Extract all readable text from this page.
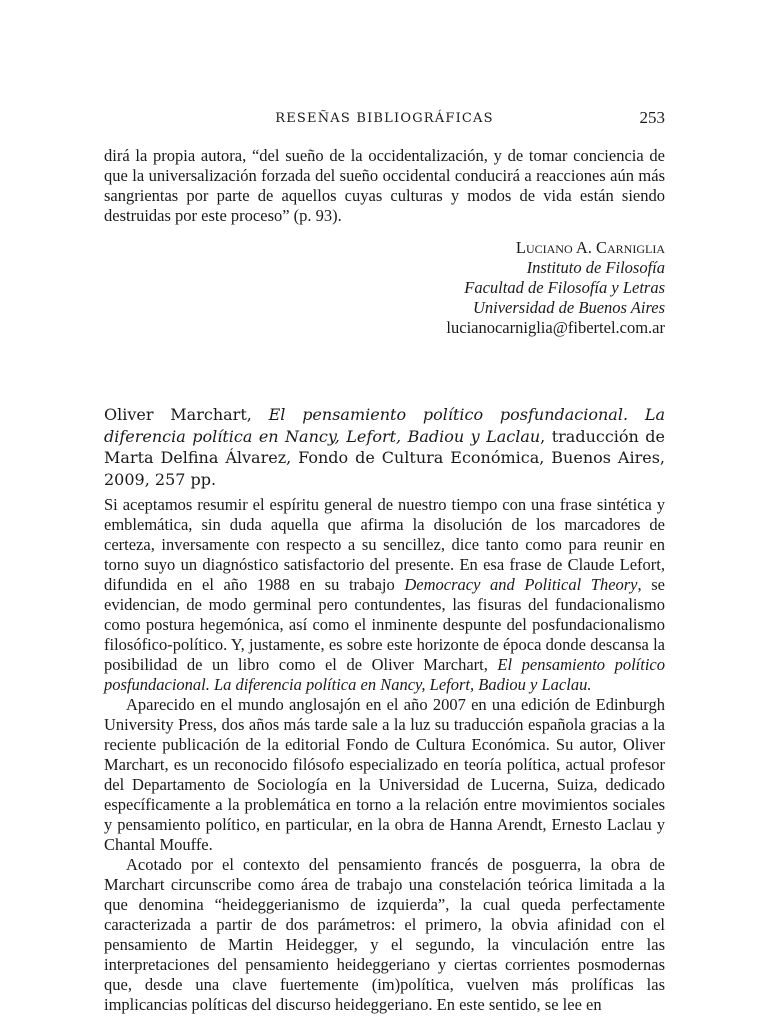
RESEÑAS BIBLIOGRÁFICAS	253

dirá la propia autora, “del sueño de la occidentalización, y de tomar conciencia de que la universalización forzada del sueño occidental conducirá a reacciones aún más sangrientas por parte de aquellos cuyas culturas y modos de vida están siendo destruidas por este proceso” (p. 93).

Luciano A. Carniglia
Instituto de Filosofía
Facultad de Filosofía y Letras
Universidad de Buenos Aires
lucianocarniglia@fibertel.com.ar
Oliver Marchart, El pensamiento político posfundacional. La diferencia política en Nancy, Lefort, Badiou y Laclau, traducción de Marta Delfina Álvarez, Fondo de Cultura Económica, Buenos Aires, 2009, 257 pp.

Si aceptamos resumir el espíritu general de nuestro tiempo con una frase sintética y emblemática, sin duda aquella que afirma la disolución de los marcadores de certeza, inversamente con respecto a su sencillez, dice tanto como para reunir en torno suyo un diagnóstico satisfactorio del presente. En esa frase de Claude Lefort, difundida en el año 1988 en su trabajo Democracy and Political Theory, se evidencian, de modo germinal pero contundentes, las fisuras del fundacionalismo como postura hegemónica, así como el inminente despunte del posfundacionalismo filosófico-político. Y, justamente, es sobre este horizonte de época donde descansa la posibilidad de un libro como el de Oliver Marchart, El pensamiento político posfundacional. La diferencia política en Nancy, Lefort, Badiou y Laclau.

Aparecido en el mundo anglosajón en el año 2007 en una edición de Edinburgh University Press, dos años más tarde sale a la luz su traducción española gracias a la reciente publicación de la editorial Fondo de Cultura Económica. Su autor, Oliver Marchart, es un reconocido filósofo especializado en teoría política, actual profesor del Departamento de Sociología en la Universidad de Lucerna, Suiza, dedicado específicamente a la problemática en torno a la relación entre movimientos sociales y pensamiento político, en particular, en la obra de Hanna Arendt, Ernesto Laclau y Chantal Mouffe.

Acotado por el contexto del pensamiento francés de posguerra, la obra de Marchart circunscribe como área de trabajo una constelación teórica limitada a la que denomina “heideggerianismo de izquierda”, la cual queda perfectamente caracterizada a partir de dos parámetros: el primero, la obvia afinidad con el pensamiento de Martin Heidegger, y el segundo, la vinculación entre las interpretaciones del pensamiento heideggeriano y ciertas corrientes posmodernas que, desde una clave fuertemente (im)política, vuelven más prolíficas las implicancias políticas del discurso heideggeriano. En este sentido, se lee en
